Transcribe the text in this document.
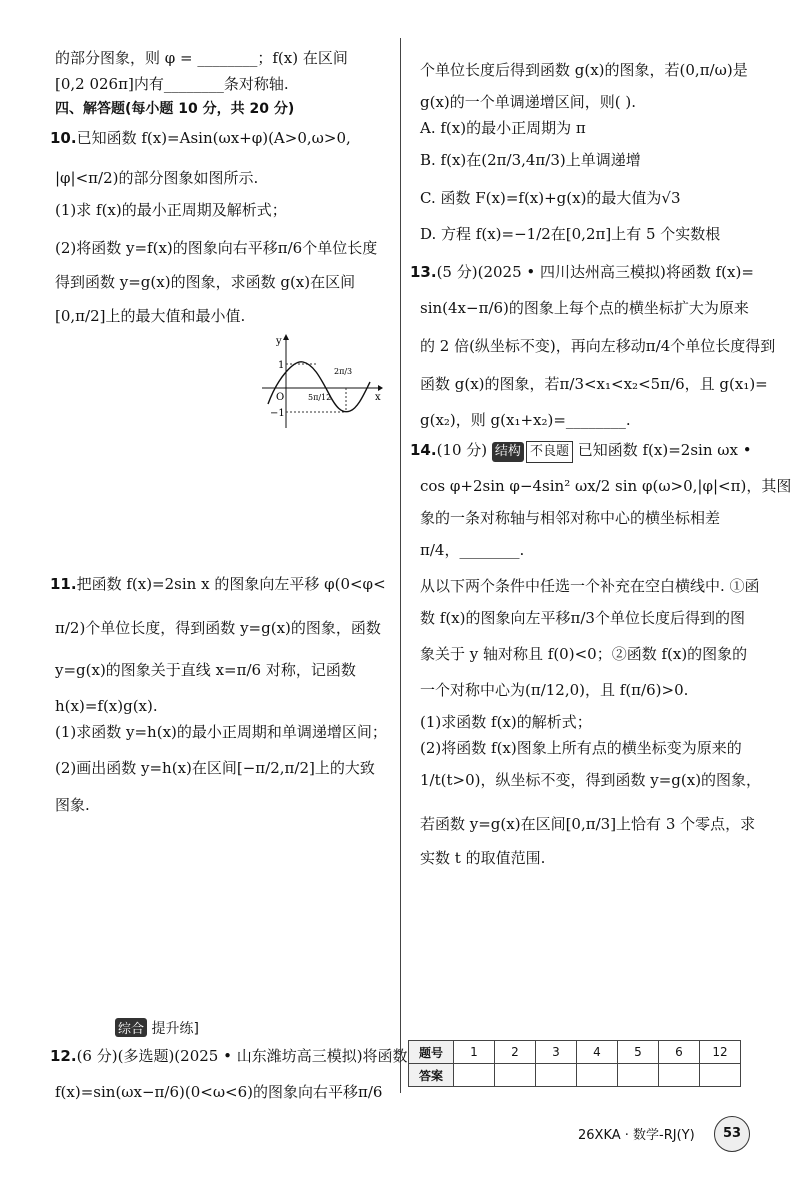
的部分图象，则 φ = ________；f(x) 在区间
[0,2 026π]内有________条对称轴.
四、解答题(每小题 10 分，共 20 分)
10.已知函数 f(x)=Asin(ωx+φ)(A>0,ω>0,
|φ|<π/2)的部分图象如图所示.
(1)求 f(x)的最小正周期及解析式；
(2)将函数 y=f(x)的图象向右平移π/6个单位长度
得到函数 y=g(x)的图象，求函数 g(x)在区间
[0,π/2]上的最大值和最小值.
11.把函数 f(x)=2sin x 的图象向左平移 φ(0<φ<
π/2)个单位长度，得到函数 y=g(x)的图象，函数
y=g(x)的图象关于直线 x=π/6 对称，记函数
h(x)=f(x)g(x).
(1)求函数 y=h(x)的最小正周期和单调递增区间；
(2)画出函数 y=h(x)在区间[−π/2,π/2]上的大致
图象.
12.(6 分)(多选题)(2025 • 山东潍坊高三模拟)将函数
f(x)=sin(ωx−π/6)(0<ω<6)的图象向右平移π/6
综合 提升练]
y
x
O
1
−1
5π/12
2π/3
个单位长度后得到函数 g(x)的图象，若(0,π/ω)是
g(x)的一个单调递增区间，则( ).
A. f(x)的最小正周期为 π
B. f(x)在(2π/3,4π/3)上单调递增
C. 函数 F(x)=f(x)+g(x)的最大值为√3
D. 方程 f(x)=−1/2在[0,2π]上有 5 个实数根
13.(5 分)(2025 • 四川达州高三模拟)将函数 f(x)=
sin(4x−π/6)的图象上每个点的横坐标扩大为原来
的 2 倍(纵坐标不变)，再向左移动π/4个单位长度得到
函数 g(x)的图象，若π/3<x₁<x₂<5π/6，且 g(x₁)=
g(x₂)，则 g(x₁+x₂)=________.
14.(10 分) 结构 不良题 已知函数 f(x)=2sin ωx •
cos φ+2sin φ−4sin² ωx/2 sin φ(ω>0,|φ|<π)，其图
象的一条对称轴与相邻对称中心的横坐标相差
π/4，________.
从以下两个条件中任选一个补充在空白横线中. ①函
数 f(x)的图象向左平移π/3个单位长度后得到的图
象关于 y 轴对称且 f(0)<0；②函数 f(x)的图象的
一个对称中心为(π/12,0)，且 f(π/6)>0.
(1)求函数 f(x)的解析式；
(2)将函数 f(x)图象上所有点的横坐标变为原来的
1/t(t>0)，纵坐标不变，得到函数 y=g(x)的图象，
若函数 y=g(x)在区间[0,π/3]上恰有 3 个零点，求
实数 t 的取值范围.
题号	1	2	3	4	5	6	12
答案							
26XKA · 数学-RJ(Y)	53
